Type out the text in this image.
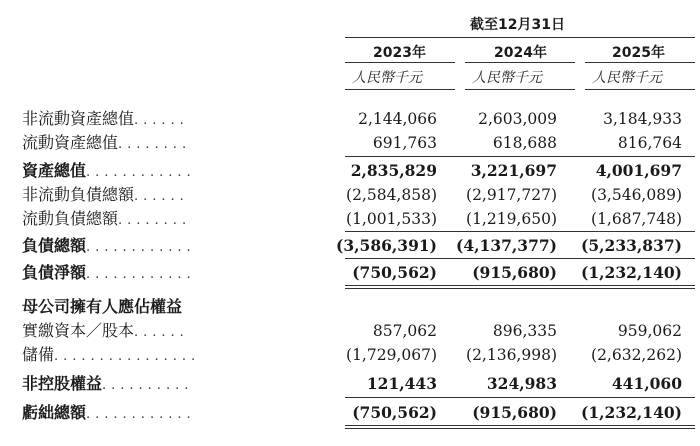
截至12月31日
2023年	2024年	2025年
人民幣千元	人民幣千元	人民幣千元
非流動資產總值......	2,144,066	2,603,009	3,184,933
流動資產總值........	691,763	618,688	816,764
資產總值............	2,835,829 3,221,697 4,001,697
非流動負債總額......	(2,584,858) (2,917,727) (3,546,089)
流動負債總額........	(1,001,533) (1,219,650) (1,687,748)
負債總額............	(3,586,391) (4,137,377) (5,233,837)
負債淨額............	(750,562) (915,680) (1,232,140)
母公司擁有人應佔權益
實繳資本／股本......	857,062	896,335	959,062
儲備................	(1,729,067) (2,136,998) (2,632,262)
非控股權益..........	121,443	324,983	441,060
虧絀總額............	(750,562) (915,680) (1,232,140)
